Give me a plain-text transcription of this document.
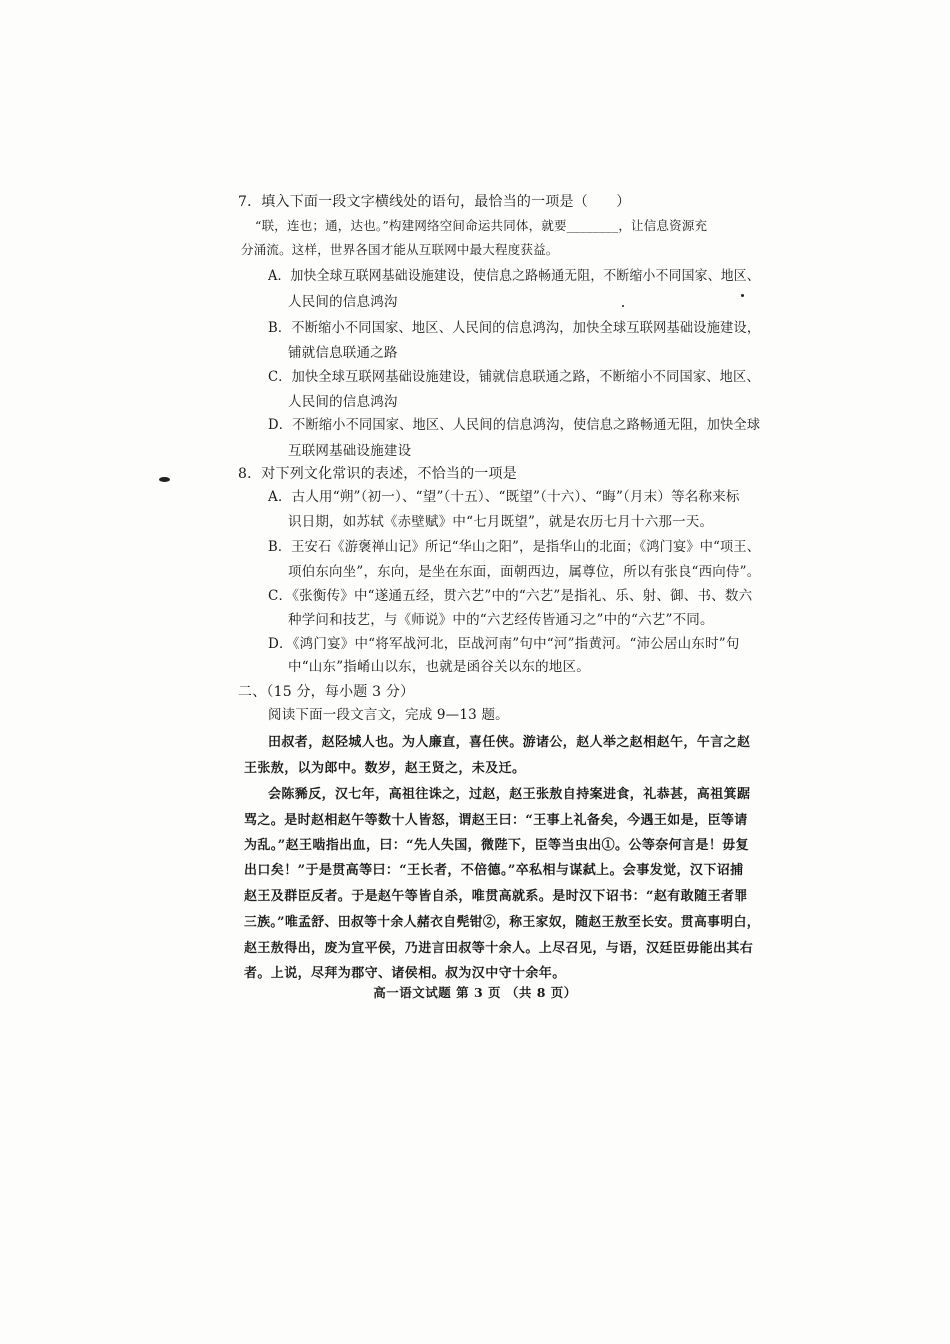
7．填入下面一段文字横线处的语句，最恰当的一项是（　　）
“联，连也；通，达也。”构建网络空间命运共同体，就要________，让信息资源充
分涌流。这样，世界各国才能从互联网中最大程度获益。
A．加快全球互联网基础设施建设，使信息之路畅通无阻，不断缩小不同国家、地区、
人民间的信息鸿沟
B．不断缩小不同国家、地区、人民间的信息鸿沟，加快全球互联网基础设施建设，
铺就信息联通之路
C．加快全球互联网基础设施建设，铺就信息联通之路，不断缩小不同国家、地区、
人民间的信息鸿沟
D．不断缩小不同国家、地区、人民间的信息鸿沟，使信息之路畅通无阻，加快全球
互联网基础设施建设
8．对下列文化常识的表述，不恰当的一项是
A．古人用“朔”（初一）、“望”（十五）、“既望”（十六）、“晦”（月末）等名称来标
识日期，如苏轼《赤壁赋》中“七月既望”，就是农历七月十六那一天。
B．王安石《游褒禅山记》所记“华山之阳”，是指华山的北面；《鸿门宴》中“项王、
项伯东向坐”，东向，是坐在东面，面朝西边，属尊位，所以有张良“西向侍”。
C．《张衡传》中“遂通五经，贯六艺”中的“六艺”是指礼、乐、射、御、书、数六
种学问和技艺，与《师说》中的“六艺经传皆通习之”中的“六艺”不同。
D．《鸿门宴》中“将军战河北，臣战河南”句中“河”指黄河。“沛公居山东时”句
中“山东”指崤山以东，也就是函谷关以东的地区。
二、（15 分，每小题 3 分）
阅读下面一段文言文，完成 9—13 题。
田叔者，赵陉城人也。为人廉直，喜任侠。游诸公，赵人举之赵相赵午，午言之赵
王张敖，以为郎中。数岁，赵王贤之，未及迁。
会陈豨反，汉七年，高祖往诛之，过赵，赵王张敖自持案进食，礼恭甚，高祖箕踞
骂之。是时赵相赵午等数十人皆怒，谓赵王曰：“王事上礼备矣，今遇王如是，臣等请
为乱。”赵王啮指出血，曰：“先人失国，微陛下，臣等当虫出①。公等奈何言是！毋复
出口矣！”于是贯高等曰：“王长者，不倍德。”卒私相与谋弑上。会事发觉，汉下诏捕
赵王及群臣反者。于是赵午等皆自杀，唯贯高就系。是时汉下诏书：“赵有敢随王者罪
三族。”唯孟舒、田叔等十余人赭衣自髡钳②，称王家奴，随赵王敖至长安。贯高事明白，
赵王敖得出，废为宣平侯，乃进言田叔等十余人。上尽召见，与语，汉廷臣毋能出其右
者。上说，尽拜为郡守、诸侯相。叔为汉中守十余年。
高一语文试题 第 3 页 （共 8 页）
